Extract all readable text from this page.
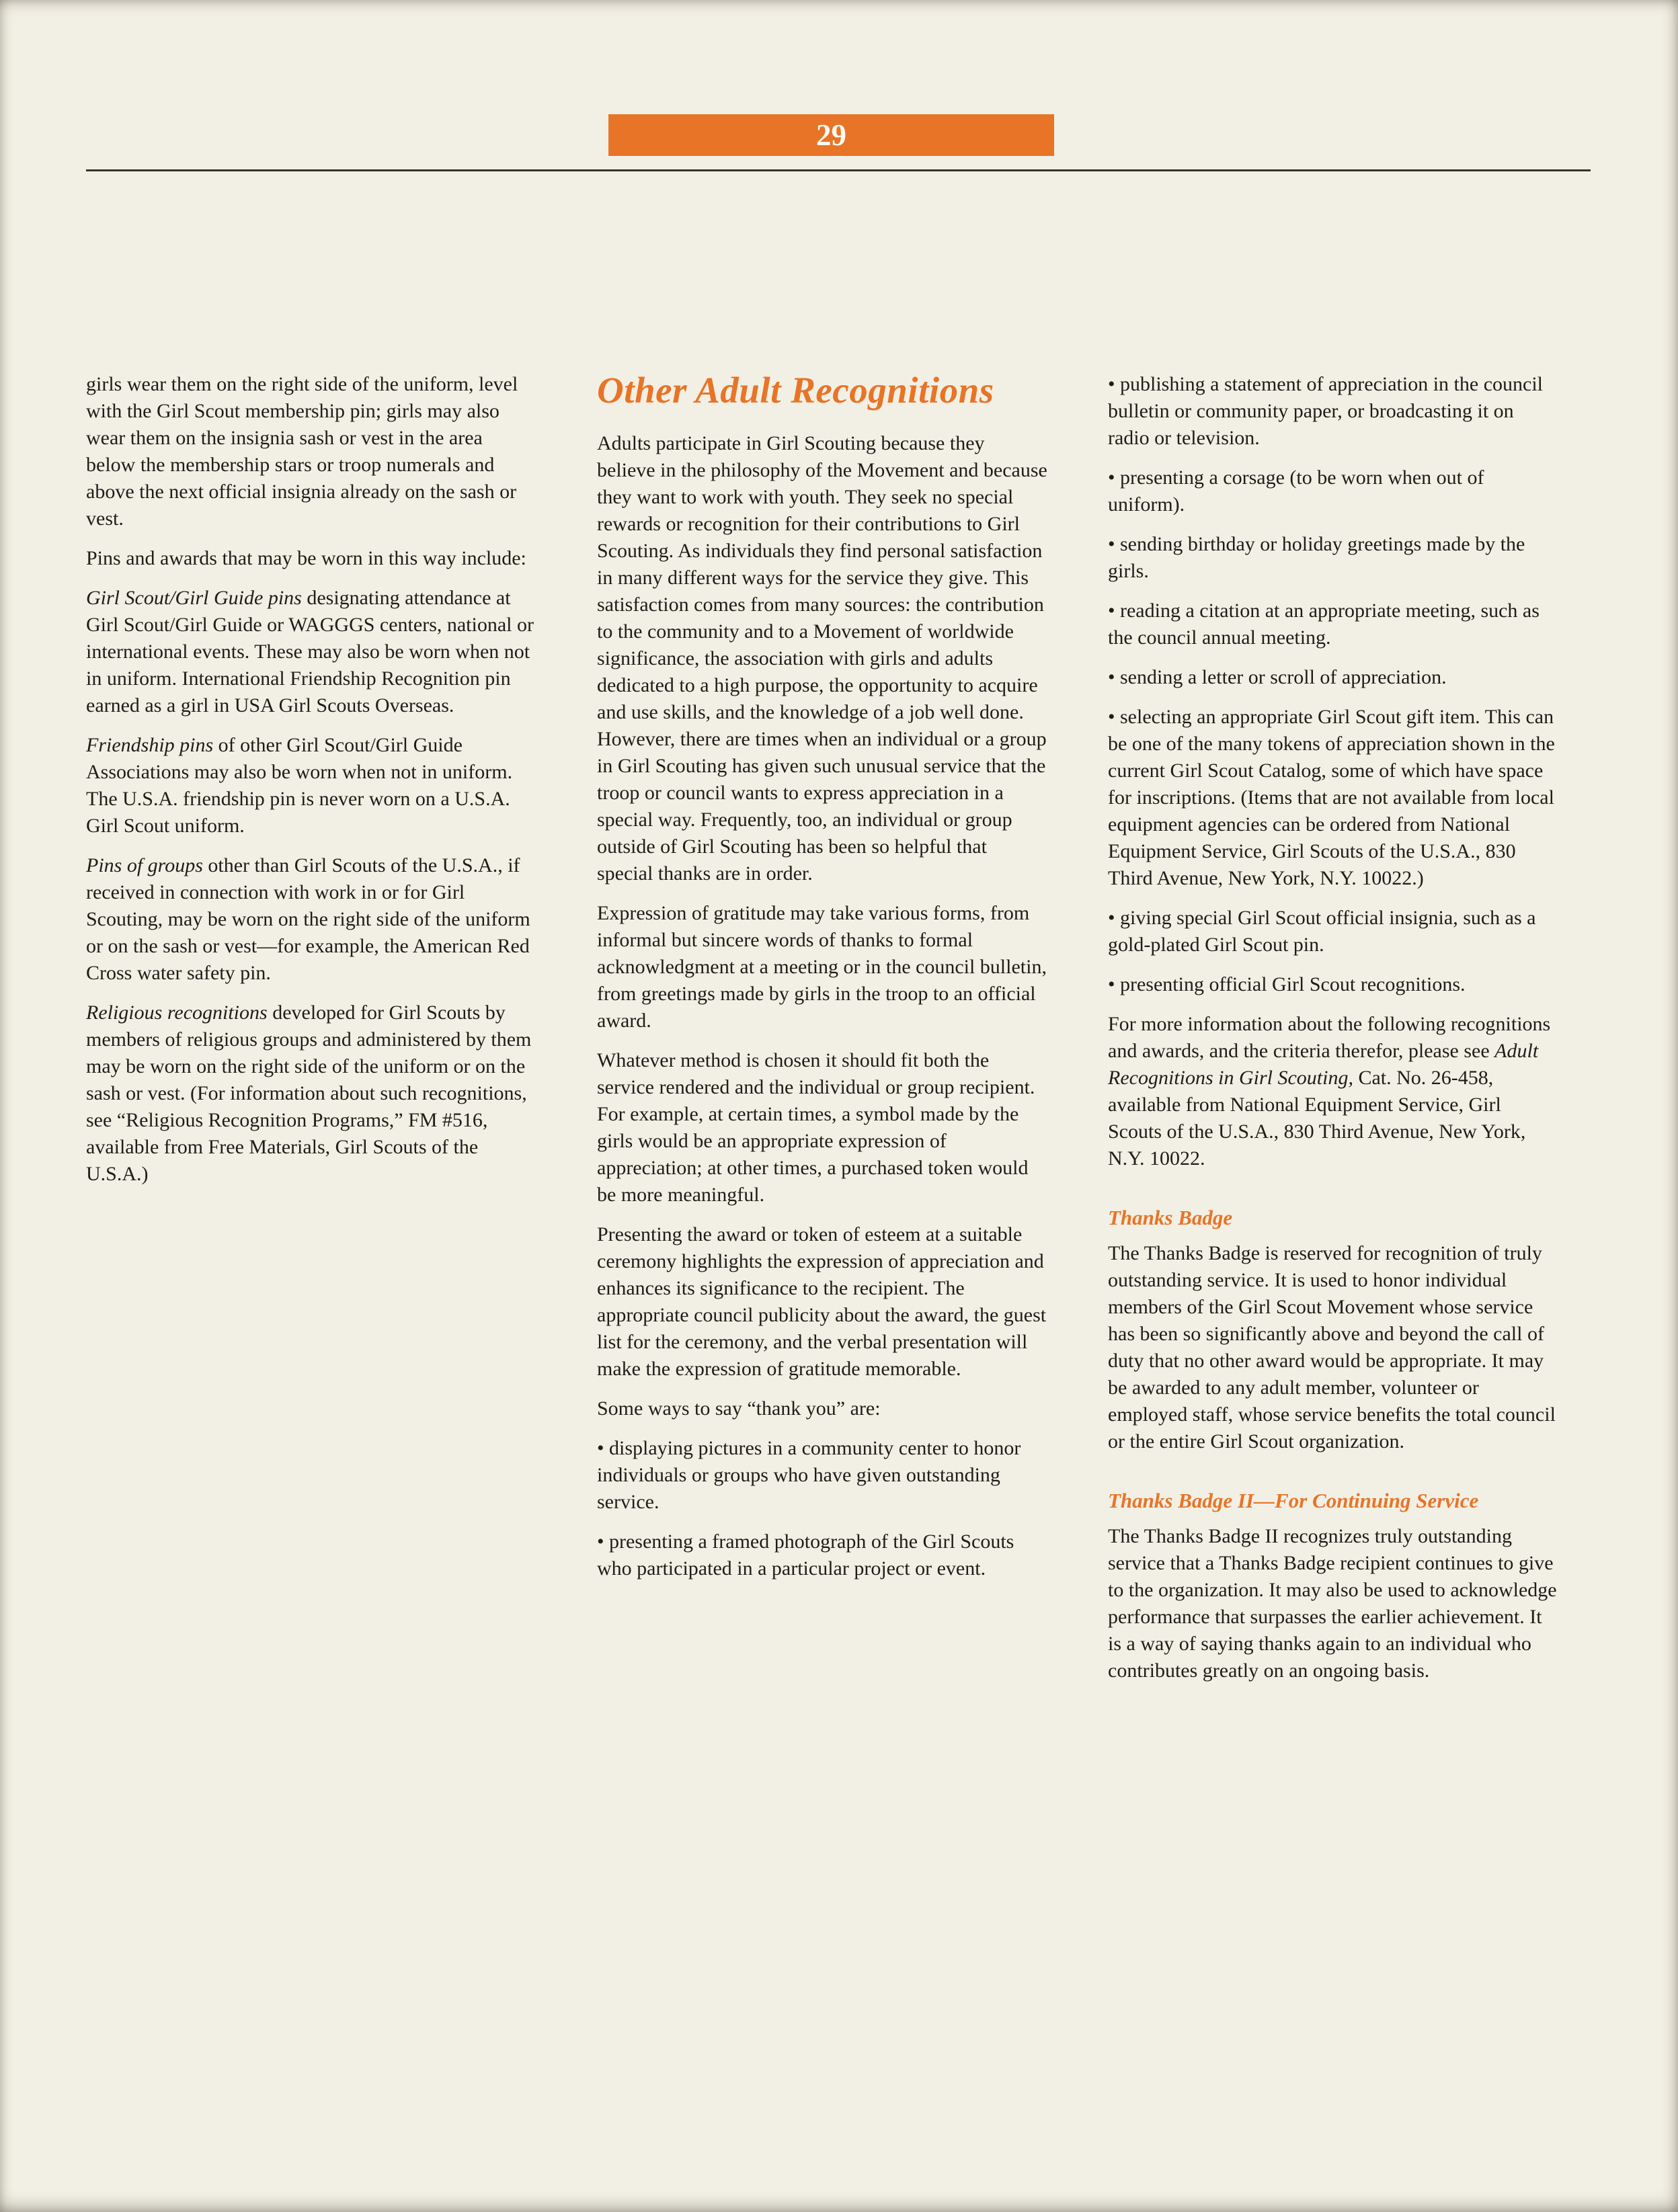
29

girls wear them on the right side of the uniform, level with the Girl Scout membership pin; girls may also wear them on the insignia sash or vest in the area below the membership stars or troop numerals and above the next official insignia already on the sash or vest.

Pins and awards that may be worn in this way include:

Girl Scout/Girl Guide pins designating attendance at Girl Scout/Girl Guide or WAGGGS centers, national or international events. These may also be worn when not in uniform. International Friendship Recognition pin earned as a girl in USA Girl Scouts Overseas.

Friendship pins of other Girl Scout/Girl Guide Associations may also be worn when not in uniform. The U.S.A. friendship pin is never worn on a U.S.A. Girl Scout uniform.

Pins of groups other than Girl Scouts of the U.S.A., if received in connection with work in or for Girl Scouting, may be worn on the right side of the uniform or on the sash or vest—for example, the American Red Cross water safety pin.

Religious recognitions developed for Girl Scouts by members of religious groups and administered by them may be worn on the right side of the uniform or on the sash or vest. (For information about such recognitions, see “Religious Recognition Programs,” FM #516, available from Free Materials, Girl Scouts of the U.S.A.)

Other Adult Recognitions

Adults participate in Girl Scouting because they believe in the philosophy of the Movement and because they want to work with youth. They seek no special rewards or recognition for their contributions to Girl Scouting. As individuals they find personal satisfaction in many different ways for the service they give. This satisfaction comes from many sources: the contribution to the community and to a Movement of worldwide significance, the association with girls and adults dedicated to a high purpose, the opportunity to acquire and use skills, and the knowledge of a job well done. However, there are times when an individual or a group in Girl Scouting has given such unusual service that the troop or council wants to express appreciation in a special way. Frequently, too, an individual or group outside of Girl Scouting has been so helpful that special thanks are in order.

Expression of gratitude may take various forms, from informal but sincere words of thanks to formal acknowledgment at a meeting or in the council bulletin, from greetings made by girls in the troop to an official award.

Whatever method is chosen it should fit both the service rendered and the individual or group recipient. For example, at certain times, a symbol made by the girls would be an appropriate expression of appreciation; at other times, a purchased token would be more meaningful.

Presenting the award or token of esteem at a suitable ceremony highlights the expression of appreciation and enhances its significance to the recipient. The appropriate council publicity about the award, the guest list for the ceremony, and the verbal presentation will make the expression of gratitude memorable.

Some ways to say “thank you” are:

• displaying pictures in a community center to honor individuals or groups who have given outstanding service.

• presenting a framed photograph of the Girl Scouts who participated in a particular project or event.

• publishing a statement of appreciation in the council bulletin or community paper, or broadcasting it on radio or television.

• presenting a corsage (to be worn when out of uniform).

• sending birthday or holiday greetings made by the girls.

• reading a citation at an appropriate meeting, such as the council annual meeting.

• sending a letter or scroll of appreciation.

• selecting an appropriate Girl Scout gift item. This can be one of the many tokens of appreciation shown in the current Girl Scout Catalog, some of which have space for inscriptions. (Items that are not available from local equipment agencies can be ordered from National Equipment Service, Girl Scouts of the U.S.A., 830 Third Avenue, New York, N.Y. 10022.)

• giving special Girl Scout official insignia, such as a gold-plated Girl Scout pin.

• presenting official Girl Scout recognitions.

For more information about the following recognitions and awards, and the criteria therefor, please see Adult Recognitions in Girl Scouting, Cat. No. 26-458, available from National Equipment Service, Girl Scouts of the U.S.A., 830 Third Avenue, New York, N.Y. 10022.

Thanks Badge

The Thanks Badge is reserved for recognition of truly outstanding service. It is used to honor individual members of the Girl Scout Movement whose service has been so significantly above and beyond the call of duty that no other award would be appropriate. It may be awarded to any adult member, volunteer or employed staff, whose service benefits the total council or the entire Girl Scout organization.

Thanks Badge II—For Continuing Service

The Thanks Badge II recognizes truly outstanding service that a Thanks Badge recipient continues to give to the organization. It may also be used to acknowledge performance that surpasses the earlier achievement. It is a way of saying thanks again to an individual who contributes greatly on an ongoing basis.
